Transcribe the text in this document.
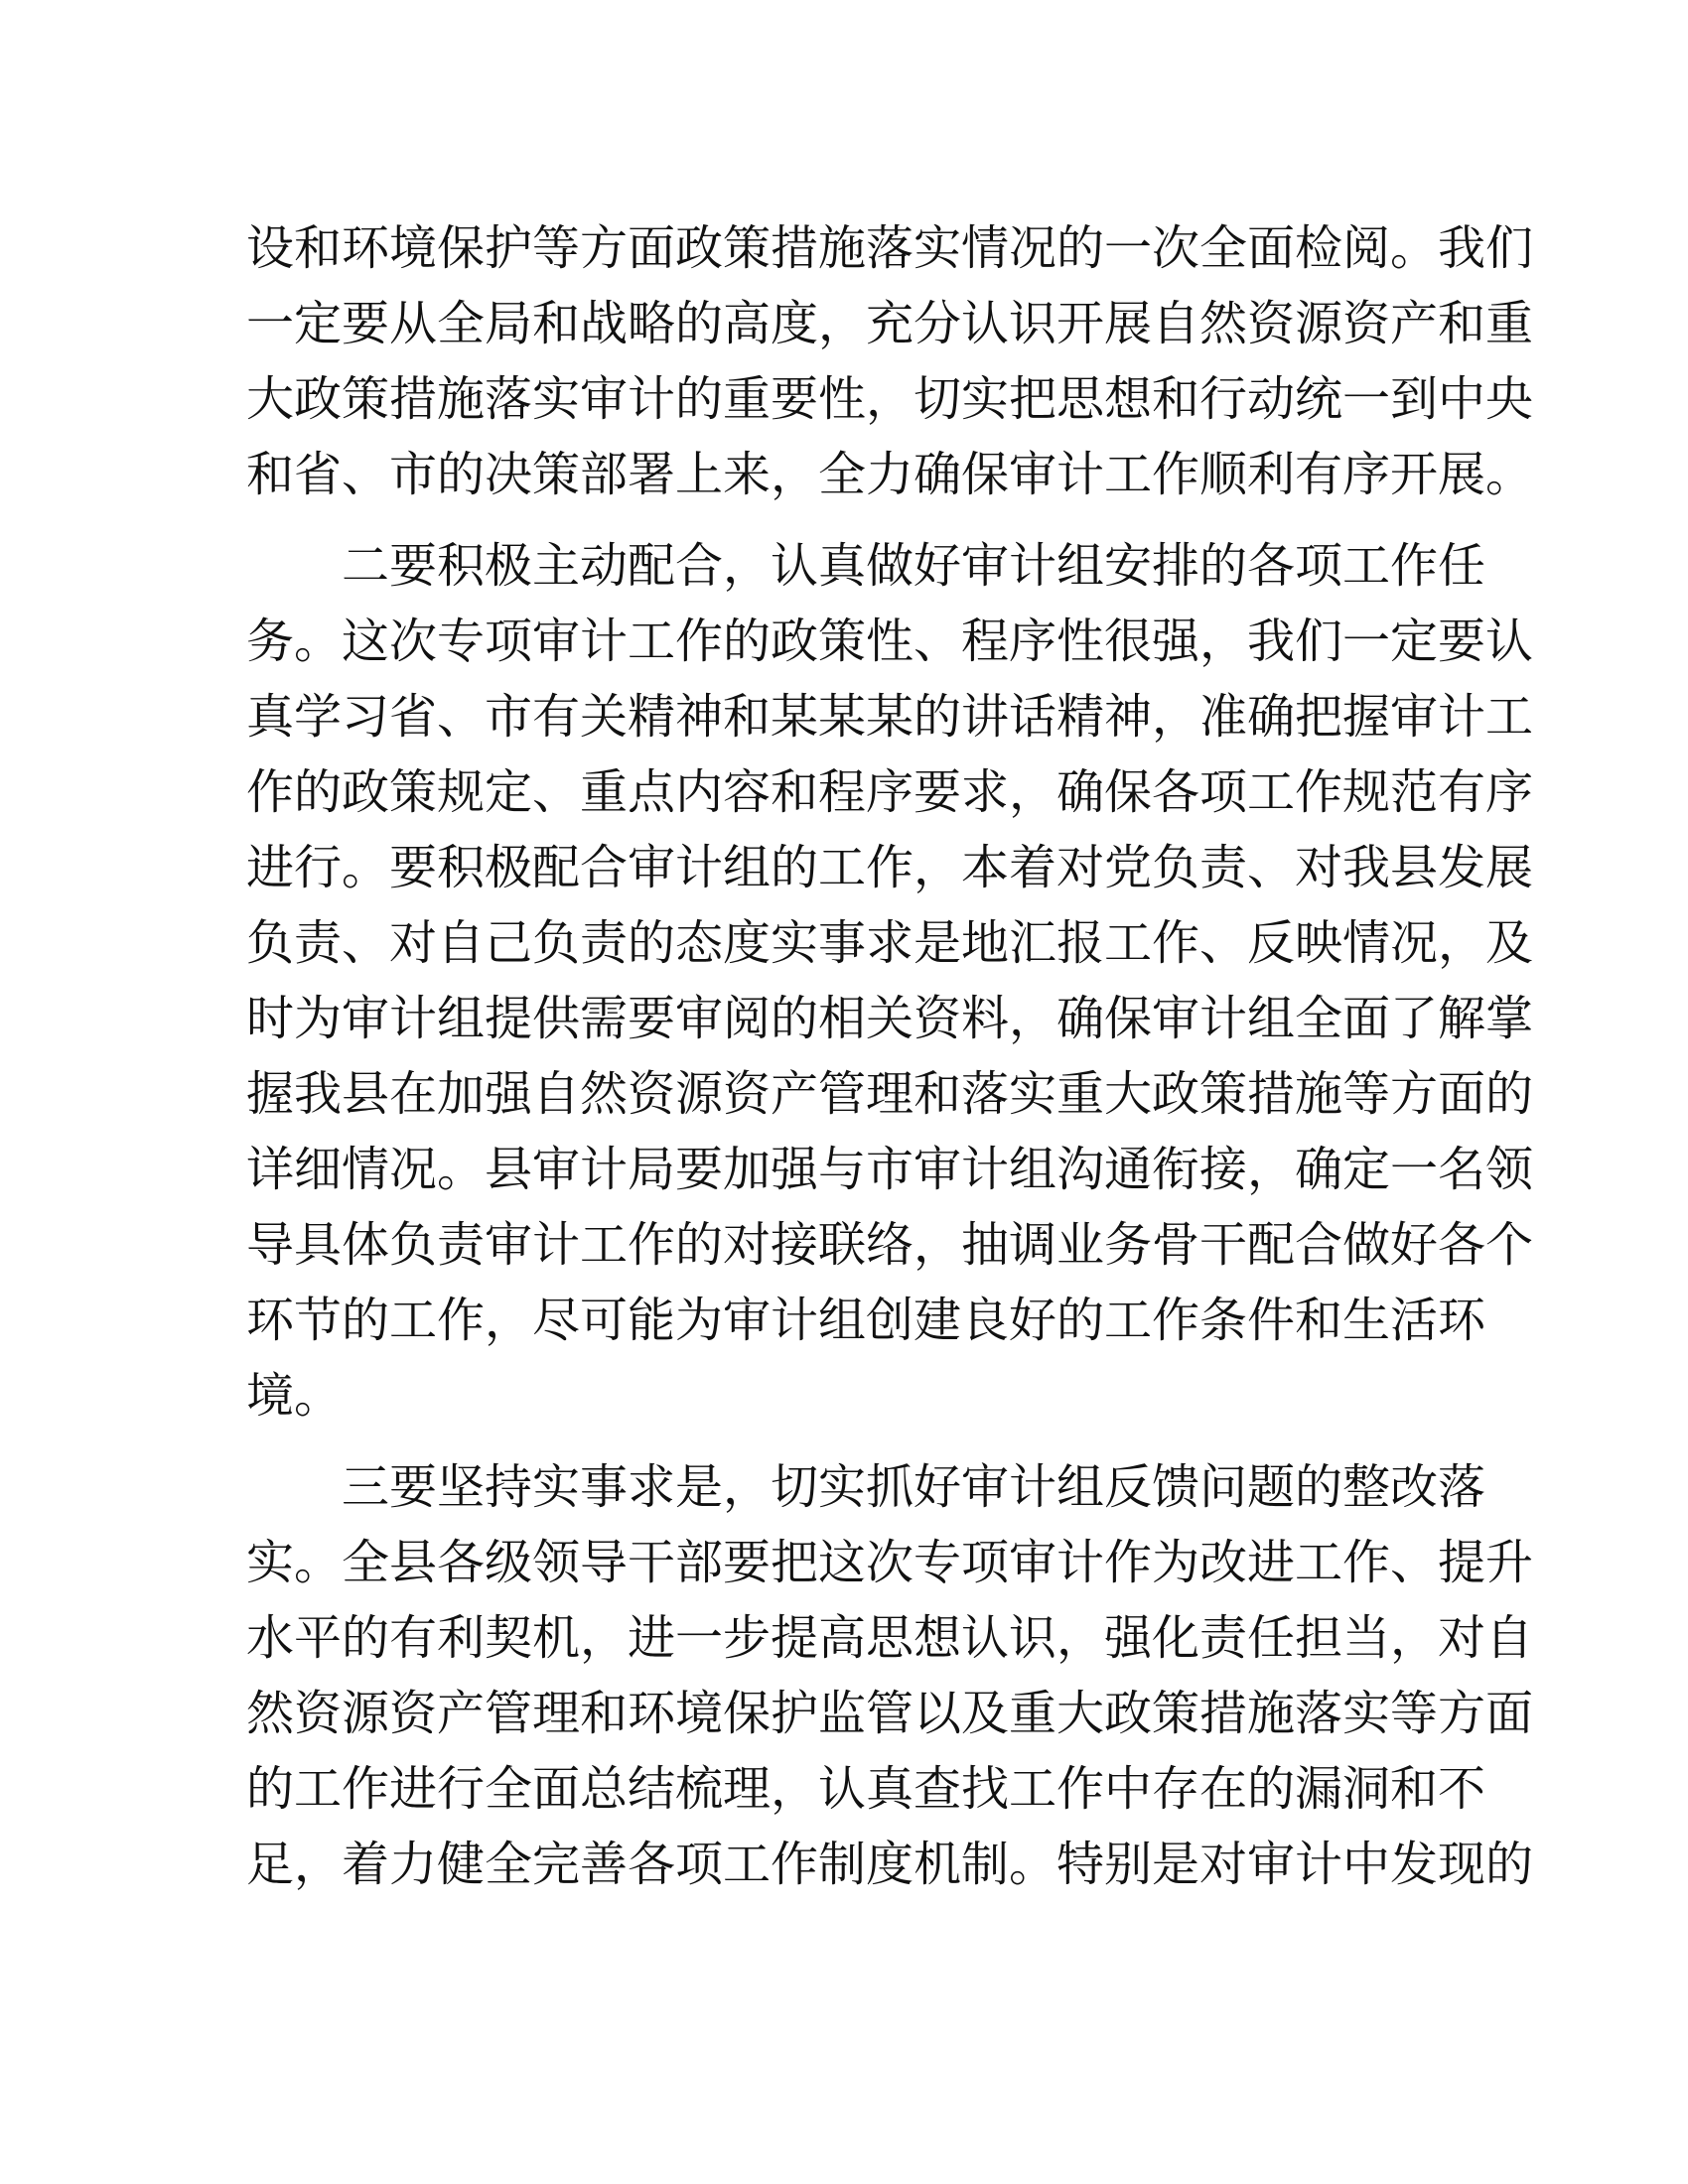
设和环境保护等方面政策措施落实情况的一次全面检阅。我们
一定要从全局和战略的高度，充分认识开展自然资源资产和重
大政策措施落实审计的重要性，切实把思想和行动统一到中央
和省、市的决策部署上来，全力确保审计工作顺利有序开展。
二要积极主动配合，认真做好审计组安排的各项工作任
务。这次专项审计工作的政策性、程序性很强，我们一定要认
真学习省、市有关精神和某某某的讲话精神，准确把握审计工
作的政策规定、重点内容和程序要求，确保各项工作规范有序
进行。要积极配合审计组的工作，本着对党负责、对我县发展
负责、对自己负责的态度实事求是地汇报工作、反映情况，及
时为审计组提供需要审阅的相关资料，确保审计组全面了解掌
握我县在加强自然资源资产管理和落实重大政策措施等方面的
详细情况。县审计局要加强与市审计组沟通衔接，确定一名领
导具体负责审计工作的对接联络，抽调业务骨干配合做好各个
环节的工作，尽可能为审计组创建良好的工作条件和生活环
境。
三要坚持实事求是，切实抓好审计组反馈问题的整改落
实。全县各级领导干部要把这次专项审计作为改进工作、提升
水平的有利契机，进一步提高思想认识，强化责任担当，对自
然资源资产管理和环境保护监管以及重大政策措施落实等方面
的工作进行全面总结梳理，认真查找工作中存在的漏洞和不
足，着力健全完善各项工作制度机制。特别是对审计中发现的
